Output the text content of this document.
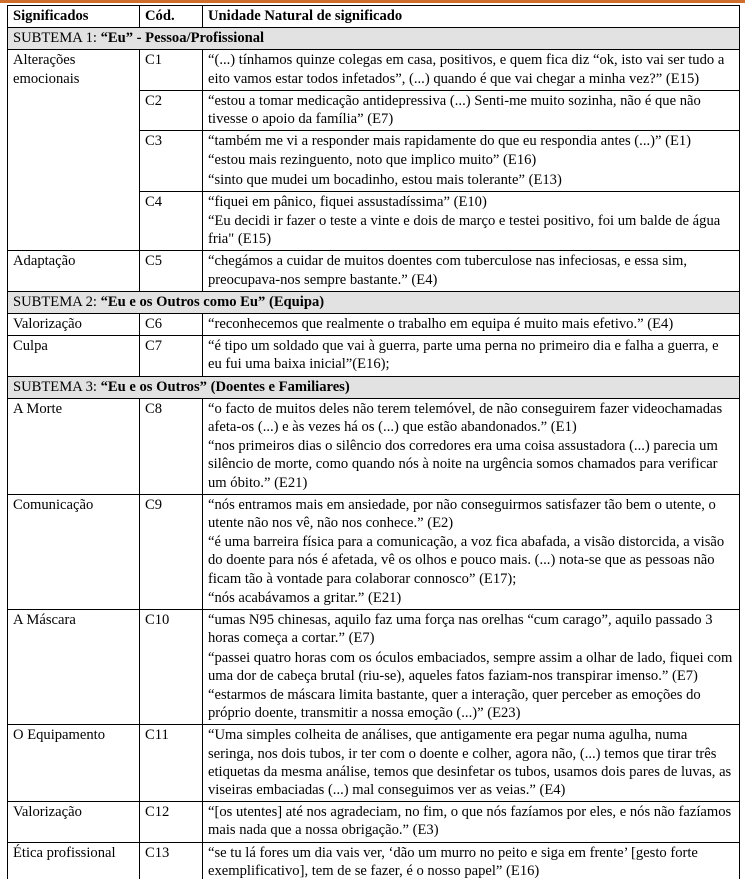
Significados	Cód.	Unidade Natural de significado
SUBTEMA 1: “Eu” - Pessoa/Profissional		
Alterações emocionais	C1	“(...) tínhamos quinze colegas em casa, positivos, e quem fica diz “ok, isto vai ser tudo a eito vamos estar todos infetados”, (...) quando é que vai chegar a minha vez?” (E15)

	C2	“estou a tomar medicação antidepressiva (...) Senti-me muito sozinha, não é que não tivesse o apoio da família” (E7)

	C3	“também me vi a responder mais rapidamente do que eu respondia antes (...)” (E1)

“estou mais rezinguento, noto que implico muito” (E16)

“sinto que mudei um bocadinho, estou mais tolerante” (E13)

	C4	“fiquei em pânico, fiquei assustadíssima” (E10)

“Eu decidi ir fazer o teste a vinte e dois de março e testei positivo, foi um balde de água fria" (E15)

Adaptação	C5	“chegámos a cuidar de muitos doentes com tuberculose nas infeciosas, e essa sim, preocupava-nos sempre bastante.” (E4)

SUBTEMA 2: “Eu e os Outros como Eu” (Equipa)		
Valorização	C6	“reconhecemos que realmente o trabalho em equipa é muito mais efetivo.” (E4)

Culpa	C7	“é tipo um soldado que vai à guerra, parte uma perna no primeiro dia e falha a guerra, e eu fui uma baixa inicial”(E16);

SUBTEMA 3: “Eu e os Outros” (Doentes e Familiares)		
A Morte	C8	“o facto de muitos deles não terem telemóvel, de não conseguirem fazer videochamadas afeta-os (...) e às vezes há os (...) que estão abandonados.” (E1)

“nos primeiros dias o silêncio dos corredores era uma coisa assustadora (...) parecia um silêncio de morte, como quando nós à noite na urgência somos chamados para verificar um óbito.” (E21)

Comunicação	C9	“nós entramos mais em ansiedade, por não conseguirmos satisfazer tão bem o utente, o utente não nos vê, não nos conhece.” (E2)

“é uma barreira física para a comunicação, a voz fica abafada, a visão distorcida, a visão do doente para nós é afetada, vê os olhos e pouco mais. (...) nota-se que as pessoas não ficam tão à vontade para colaborar connosco” (E17);

“nós acabávamos a gritar.” (E21)

A Máscara	C10	“umas N95 chinesas, aquilo faz uma força nas orelhas “cum carago”, aquilo passado 3 horas começa a cortar.” (E7)

“passei quatro horas com os óculos embaciados, sempre assim a olhar de lado, fiquei com uma dor de cabeça brutal (riu-se), aqueles fatos faziam-nos transpirar imenso.” (E7)

“estarmos de máscara limita bastante, quer a interação, quer perceber as emoções do próprio doente, transmitir a nossa emoção (...)” (E23)

O Equipamento	C11	“Uma simples colheita de análises, que antigamente era pegar numa agulha, numa seringa, nos dois tubos, ir ter com o doente e colher, agora não, (...) temos que tirar três etiquetas da mesma análise, temos que desinfetar os tubos, usamos dois pares de luvas, as viseiras embaciadas (...) mal conseguimos ver as veias.” (E4)

Valorização	C12	“[os utentes] até nos agradeciam, no fim, o que nós fazíamos por eles, e nós não fazíamos mais nada que a nossa obrigação.” (E3)

Ética profissional	C13	“se tu lá fores um dia vais ver, ‘dão um murro no peito e siga em frente’ [gesto forte exemplificativo], tem de se fazer, é o nosso papel” (E16)
